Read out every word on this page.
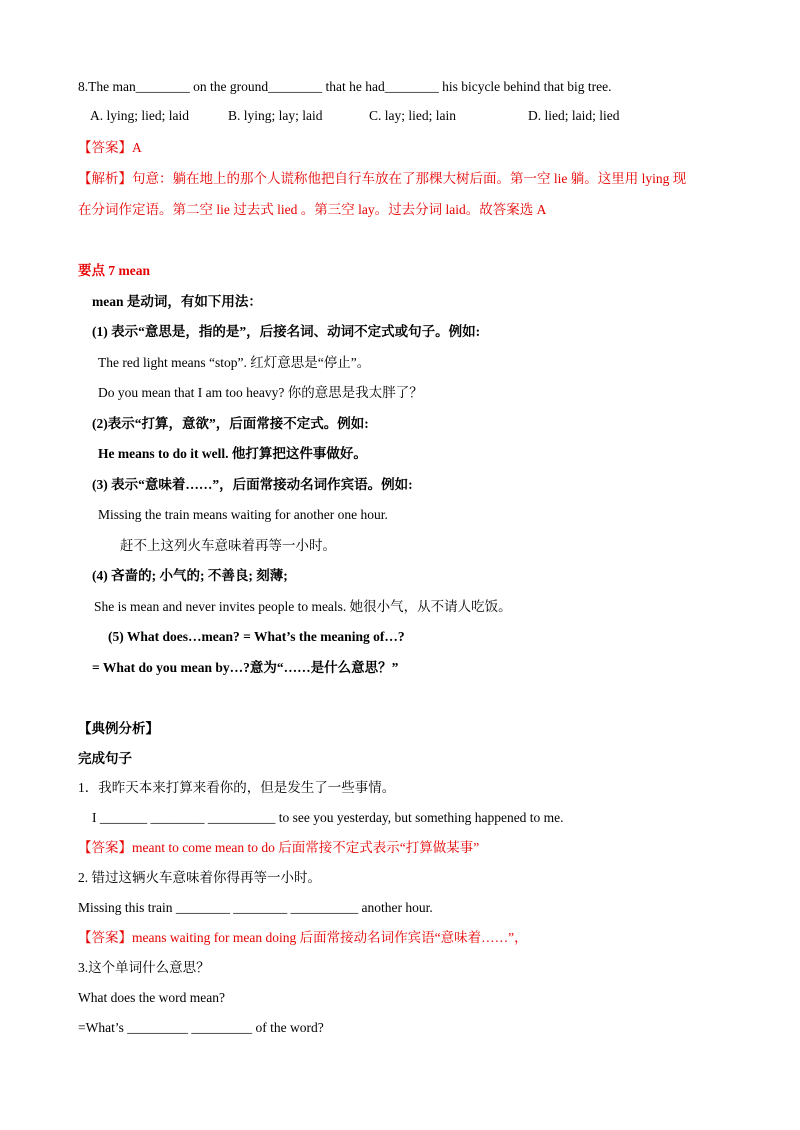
8.The man________ on the ground________ that he had________ his bicycle behind that big tree.
A. lying; lied; laid	B. lying; lay; laid	C. lay; lied; lain	D. lied; laid; lied
【答案】A
【解析】句意：躺在地上的那个人谎称他把自行车放在了那棵大树后面。第一空 lie 躺。这里用 lying 现
在分词作定语。第二空 lie 过去式 lied 。第三空 lay。过去分词 laid。故答案选 A
要点 7 mean
mean 是动词，有如下用法：
(1) 表示“意思是，指的是”，后接名词、动词不定式或句子。例如:
The red light means “stop”. 红灯意思是“停止”。
Do you mean that I am too heavy? 你的意思是我太胖了？
(2)表示“打算，意欲”，后面常接不定式。例如:
He means to do it well. 他打算把这件事做好。
(3) 表示“意味着……”，后面常接动名词作宾语。例如:
Missing the train means waiting for another one hour.
赶不上这列火车意味着再等一小时。
(4) 吝啬的; 小气的; 不善良; 刻薄;
She is mean and never invites people to meals. 她很小气，从不请人吃饭。
(5) What does…mean? = What’s the meaning of…?
= What do you mean by…?意为“……是什么意思？”
【典例分析】
完成句子
1．我昨天本来打算来看你的，但是发生了一些事情。
I _______ ________ __________ to see you yesterday, but something happened to me.
【答案】meant to come mean to do 后面常接不定式表示“打算做某事”
2. 错过这辆火车意味着你得再等一小时。
Missing this train ________ ________ __________ another hour.
【答案】means waiting for mean doing 后面常接动名词作宾语“意味着……”，
3.这个单词什么意思？
What does the word mean?
=What’s _________ _________ of the word?
